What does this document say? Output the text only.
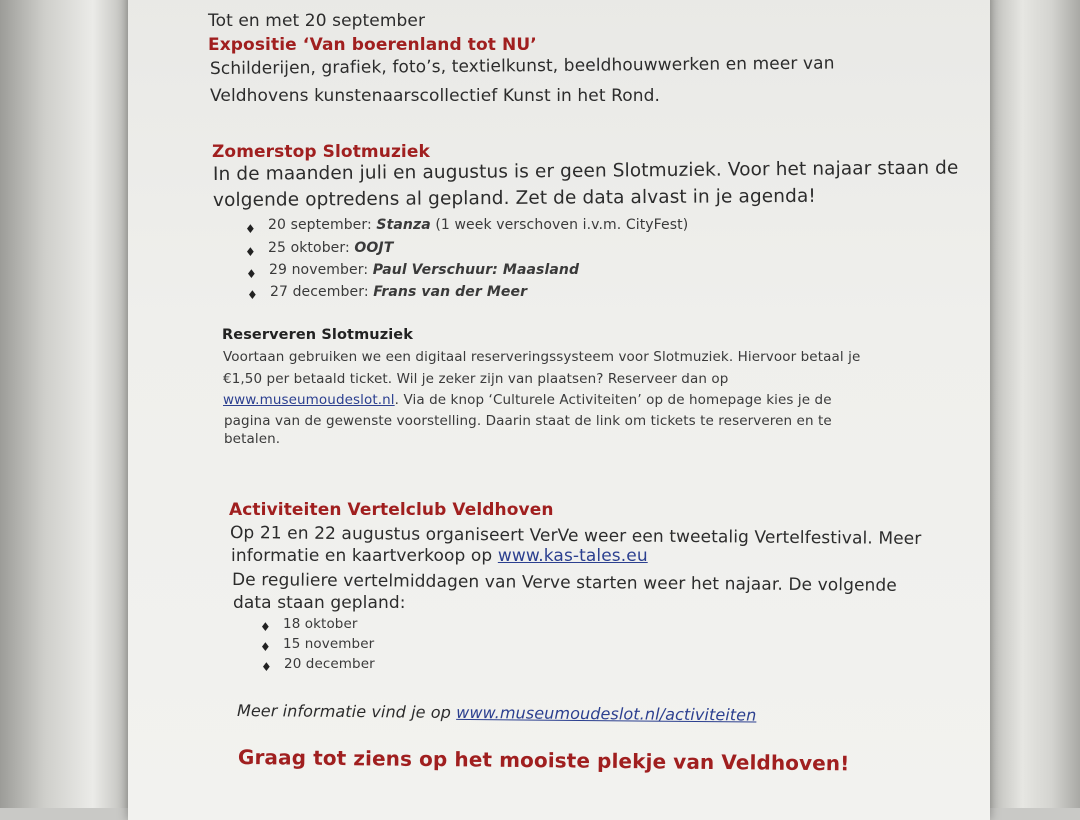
Tot en met 20 september
Expositie ‘Van boerenland tot NU’
Schilderijen, grafiek, foto’s, textielkunst, beeldhouwwerken en meer van
Veldhovens kunstenaarscollectief Kunst in het Rond.
Zomerstop Slotmuziek
In de maanden juli en augustus is er geen Slotmuziek. Voor het najaar staan de
volgende optredens al gepland. Zet de data alvast in je agenda!
♦ 20 september: Stanza (1 week verschoven i.v.m. CityFest)
♦ 25 oktober: OOJT
♦ 29 november: Paul Verschuur: Maasland
♦ 27 december: Frans van der Meer
Reserveren Slotmuziek
Voortaan gebruiken we een digitaal reserveringssysteem voor Slotmuziek. Hiervoor betaal je
€1,50 per betaald ticket. Wil je zeker zijn van plaatsen? Reserveer dan op
www.museumoudeslot.nl. Via de knop ‘Culturele Activiteiten’ op de homepage kies je de
pagina van de gewenste voorstelling. Daarin staat de link om tickets te reserveren en te
betalen.
Activiteiten Vertelclub Veldhoven
Op 21 en 22 augustus organiseert VerVe weer een tweetalig Vertelfestival. Meer
informatie en kaartverkoop op www.kas-tales.eu
De reguliere vertelmiddagen van Verve starten weer het najaar. De volgende
data staan gepland:
♦ 18 oktober
♦ 15 november
♦ 20 december
Meer informatie vind je op www.museumoudeslot.nl/activiteiten
Graag tot ziens op het mooiste plekje van Veldhoven!
